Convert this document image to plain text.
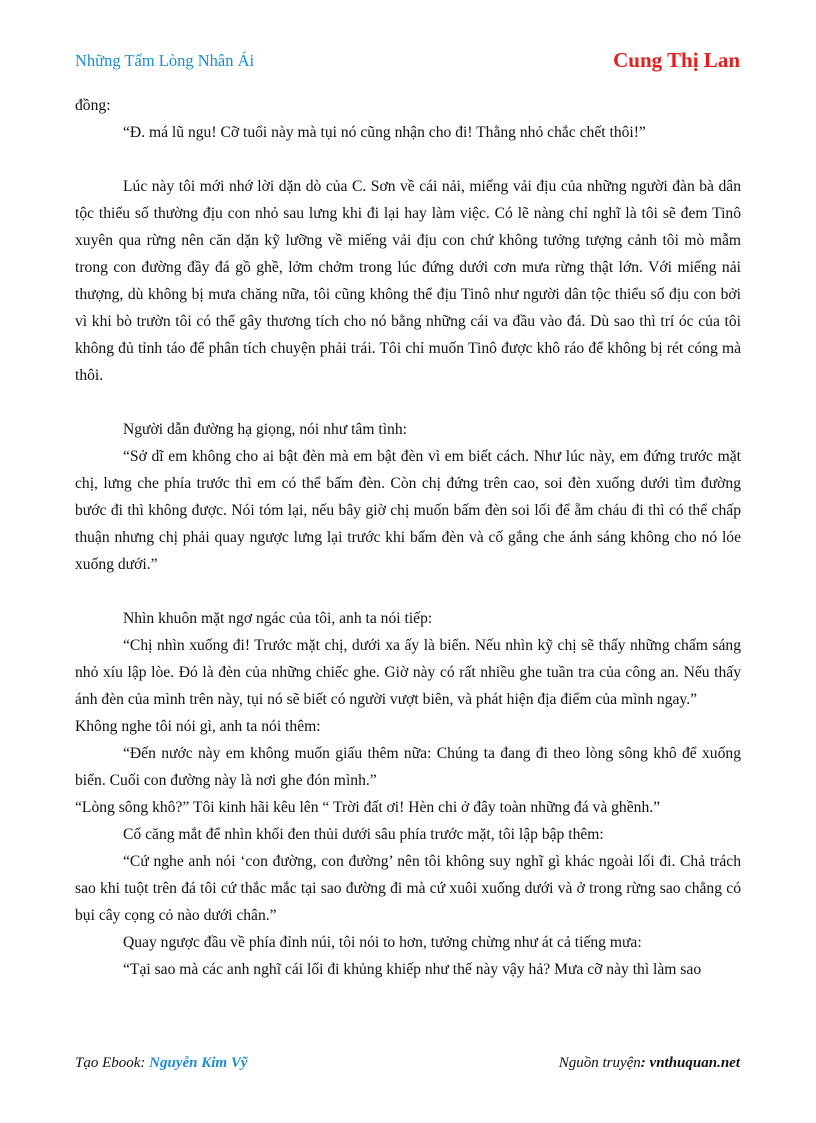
Những Tấm Lòng Nhân Ái	Cung Thị Lan

đồng:

“Đ. má lũ ngu! Cỡ tuổi này mà tụi nó cũng nhận cho đi! Thằng nhỏ chắc chết thôi!”

Lúc này tôi mới nhớ lời dặn dò của C. Sơn về cái nải, miếng vải địu của những người đàn bà dân tộc thiểu số thường địu con nhỏ sau lưng khi đi lại hay làm việc. Có lẽ nàng chỉ nghĩ là tôi sẽ đem Tinô xuyên qua rừng nên căn dặn kỹ lưỡng về miếng vải địu con chứ không tưởng tượng cảnh tôi mò mẫm trong con đường đầy đá gồ ghề, lởm chởm trong lúc đứng dưới cơn mưa rừng thật lớn. Với miếng nải thượng, dù không bị mưa chăng nữa, tôi cũng không thể địu Tinô như người dân tộc thiểu số địu con bởi vì khi bò trườn tôi có thể gây thương tích cho nó bằng những cái va đầu vào đá. Dù sao thì trí óc của tôi không đủ tỉnh táo để phân tích chuyện phải trái. Tôi chỉ muốn Tinô được khô ráo để không bị rét cóng mà thôi.

Người dẫn đường hạ giọng, nói như tâm tình:

“Sở dĩ em không cho ai bật đèn mà em bật đèn vì em biết cách. Như lúc này, em đứng trước mặt chị, lưng che phía trước thì em có thể bấm đèn. Còn chị đứng trên cao, soi đèn xuống dưới tìm đường bước đi thì không được. Nói tóm lại, nếu bây giờ chị muốn bấm đèn soi lối để ẵm cháu đi thì có thể chấp thuận nhưng chị phải quay ngược lưng lại trước khi bấm đèn và cố gắng che ánh sáng không cho nó lóe xuống dưới.”

Nhìn khuôn mặt ngơ ngác của tôi, anh ta nói tiếp:

“Chị nhìn xuống đi! Trước mặt chị, dưới xa ấy là biển. Nếu nhìn kỹ chị sẽ thấy những chấm sáng nhỏ xíu lập lòe. Đó là đèn của những chiếc ghe. Giờ này có rất nhiều ghe tuần tra của công an. Nếu thấy ánh đèn của mình trên này, tụi nó sẽ biết có người vượt biên, và phát hiện địa điểm của mình ngay.”

Không nghe tôi nói gì, anh ta nói thêm:

“Đến nước này em không muốn giấu thêm nữa: Chúng ta đang đi theo lòng sông khô để xuống biển. Cuối con đường này là nơi ghe đón mình.”

“Lòng sông khô?” Tôi kinh hãi kêu lên “ Trời đất ơi! Hèn chi ở đây toàn những đá và ghềnh.”

Cố căng mắt để nhìn khối đen thủi dưới sâu phía trước mặt, tôi lập bập thêm:

“Cứ nghe anh nói ‘con đường, con đường’ nên tôi không suy nghĩ gì khác ngoài lối đi. Chả trách sao khi tuột trên đá tôi cứ thắc mắc tại sao đường đi mà cứ xuôi xuống dưới và ở trong rừng sao chẳng có bụi cây cọng cỏ nào dưới chân.”

Quay ngược đầu về phía đỉnh núi, tôi nói to hơn, tưởng chừng như át cả tiếng mưa:

“Tại sao mà các anh nghĩ cái lối đi khủng khiếp như thế này vậy hả? Mưa cỡ này thì làm sao

Tạo Ebook: Nguyễn Kim Vỹ	Nguồn truyện: vnthuquan.net
